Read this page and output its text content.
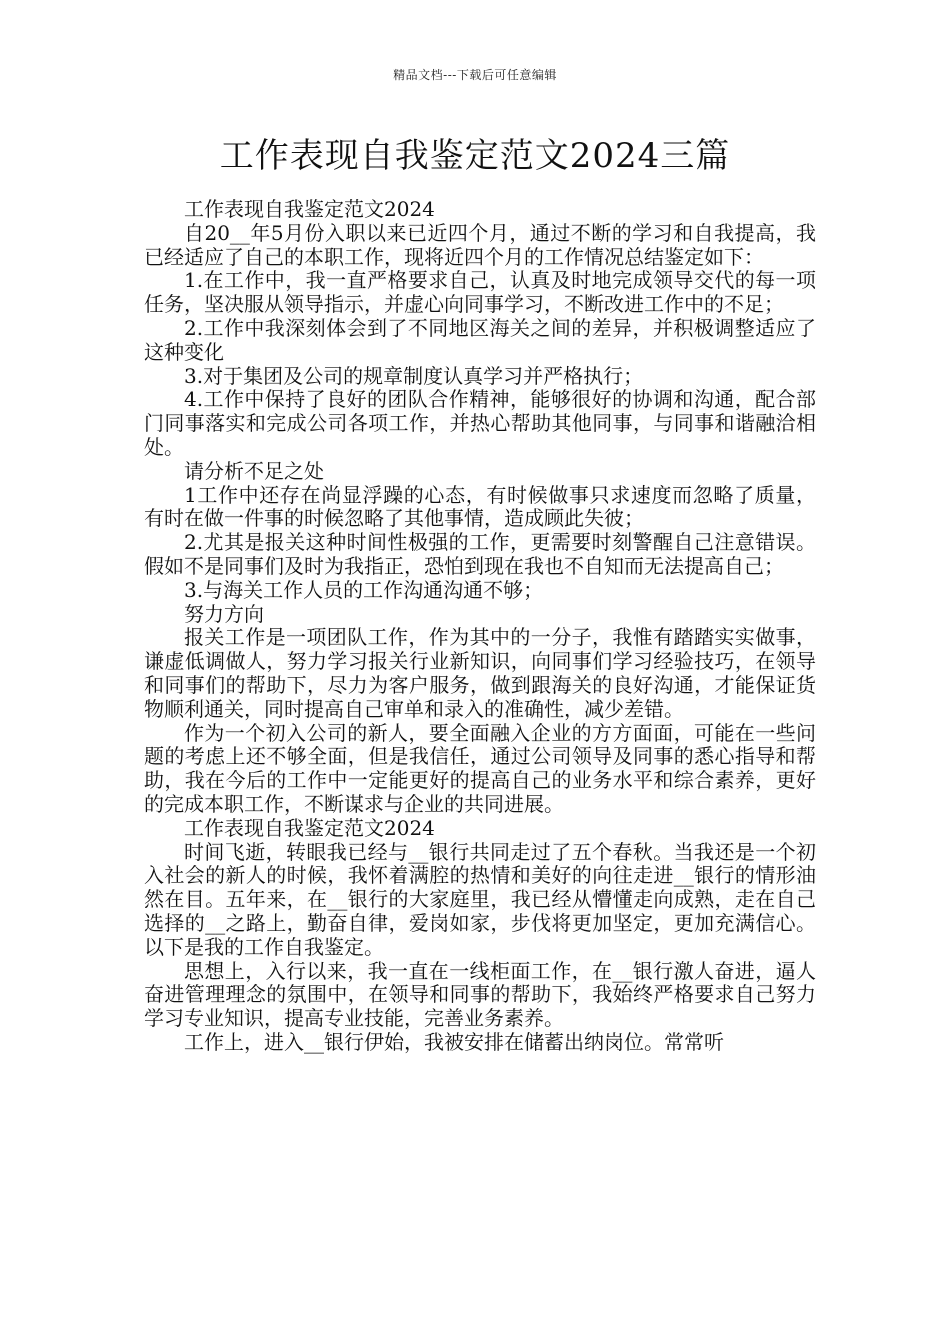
精品文档---下载后可任意编辑
工作表现自我鉴定范文2024三篇

工作表现自我鉴定范文2024

自20__年5月份入职以来已近四个月，通过不断的学习和自我提高，我已经适应了自己的本职工作，现将近四个月的工作情况总结鉴定如下：

1.在工作中，我一直严格要求自己，认真及时地完成领导交代的每一项任务，坚决服从领导指示，并虚心向同事学习，不断改进工作中的不足；

2.工作中我深刻体会到了不同地区海关之间的差异，并积极调整适应了这种变化

3.对于集团及公司的规章制度认真学习并严格执行；

4.工作中保持了良好的团队合作精神，能够很好的协调和沟通，配合部门同事落实和完成公司各项工作，并热心帮助其他同事，与同事和谐融洽相处。

请分析不足之处

1工作中还存在尚显浮躁的心态，有时候做事只求速度而忽略了质量，有时在做一件事的时候忽略了其他事情，造成顾此失彼；

2.尤其是报关这种时间性极强的工作，更需要时刻警醒自己注意错误。假如不是同事们及时为我指正，恐怕到现在我也不自知而无法提高自己；

3.与海关工作人员的工作沟通沟通不够；

努力方向

报关工作是一项团队工作，作为其中的一分子，我惟有踏踏实实做事，谦虚低调做人，努力学习报关行业新知识，向同事们学习经验技巧，在领导和同事们的帮助下，尽力为客户服务，做到跟海关的良好沟通，才能保证货物顺利通关，同时提高自己审单和录入的准确性，减少差错。

作为一个初入公司的新人，要全面融入企业的方方面面，可能在一些问题的考虑上还不够全面，但是我信任，通过公司领导及同事的悉心指导和帮助，我在今后的工作中一定能更好的提高自己的业务水平和综合素养，更好的完成本职工作，不断谋求与企业的共同进展。

工作表现自我鉴定范文2024

时间飞逝，转眼我已经与__银行共同走过了五个春秋。当我还是一个初入社会的新人的时候，我怀着满腔的热情和美好的向往走进__银行的情形油然在目。五年来，在__银行的大家庭里，我已经从懵懂走向成熟，走在自己选择的__之路上，勤奋自律，爱岗如家，步伐将更加坚定，更加充满信心。以下是我的工作自我鉴定。

思想上，入行以来，我一直在一线柜面工作，在__银行激人奋进，逼人奋进管理理念的氛围中，在领导和同事的帮助下，我始终严格要求自己努力学习专业知识，提高专业技能，完善业务素养。

工作上，进入__银行伊始，我被安排在储蓄出纳岗位。常常听
